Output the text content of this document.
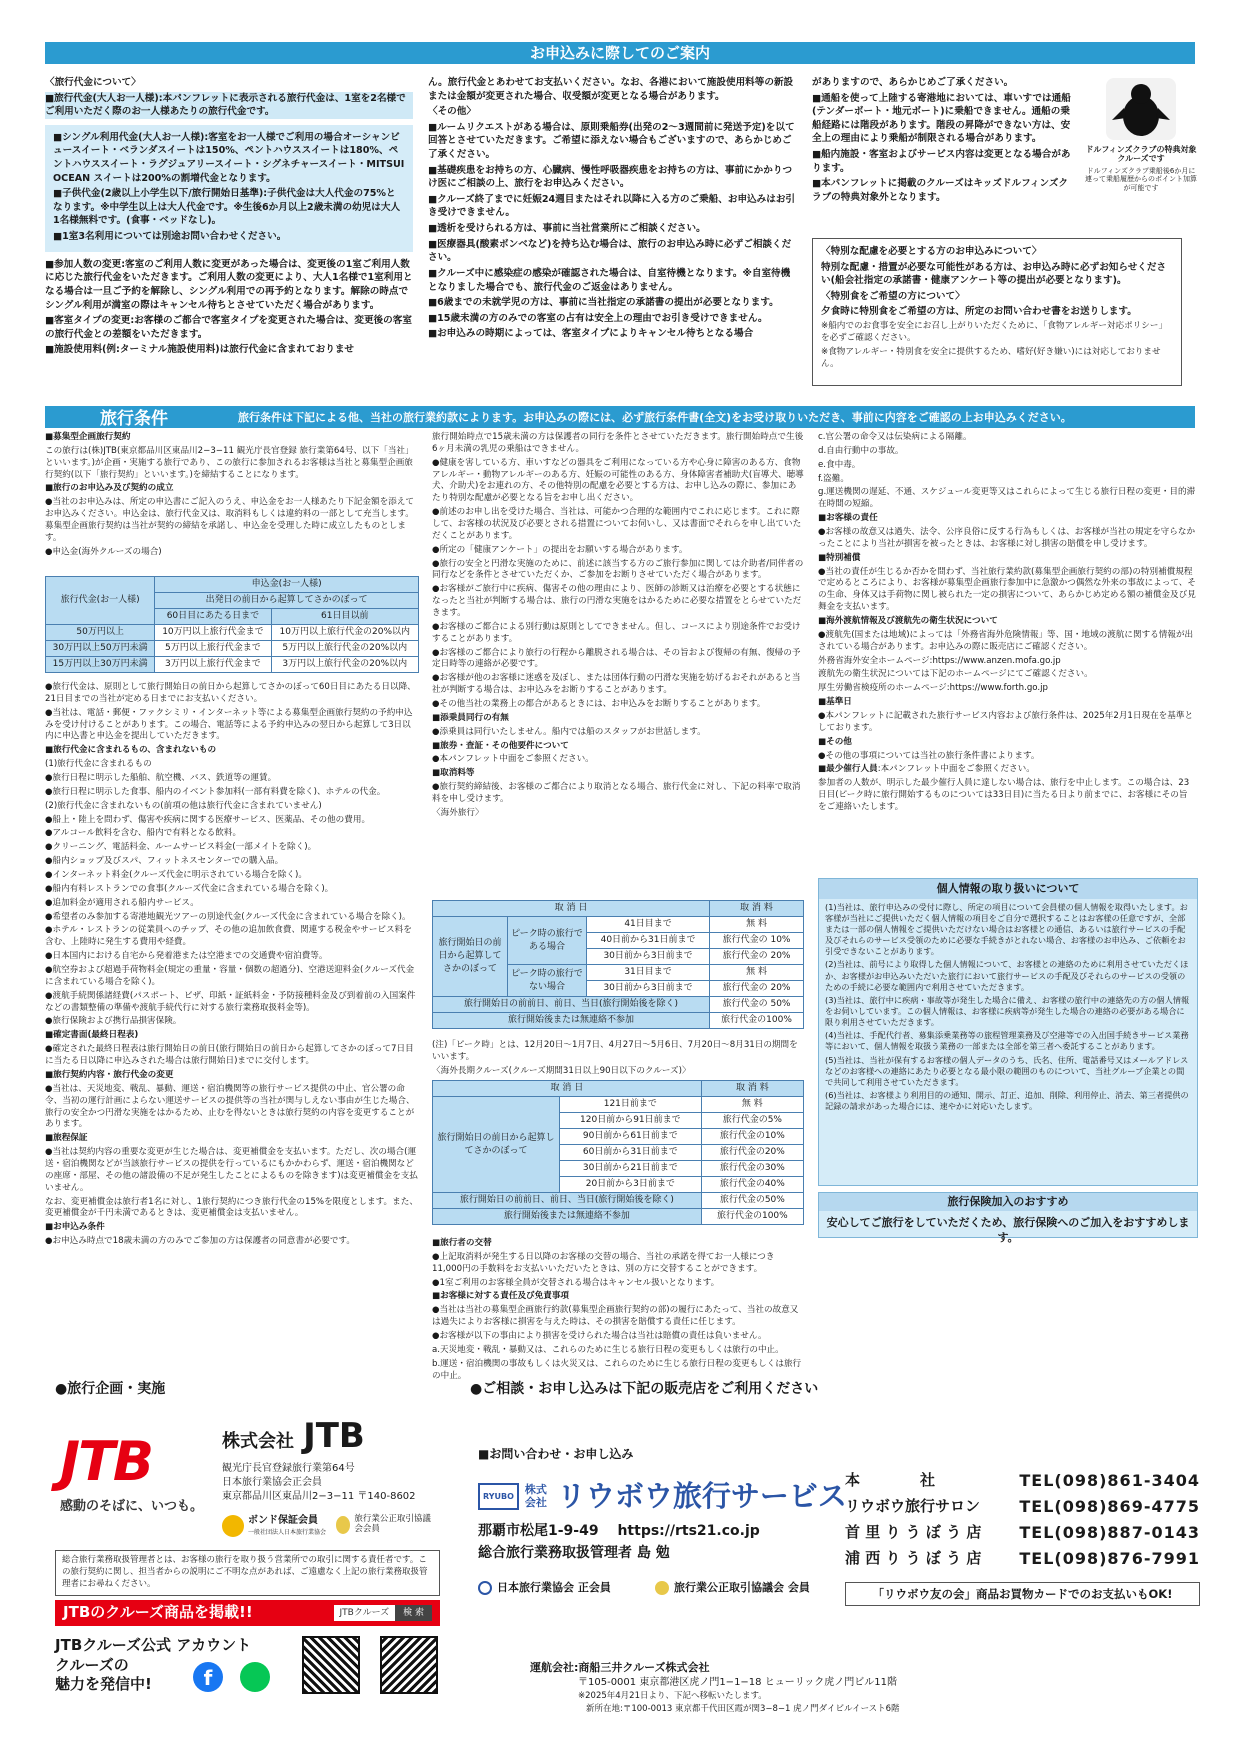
お申込みに際してのご案内

〈旅行代金について〉

■旅行代金(大人お一人様):本パンフレットに表示される旅行代金は、1室を2名様でご利用いただく際のお一人様あたりの旅行代金です。

■シングル利用代金(大人お一人様):客室をお一人様でご利用の場合オーシャンビュースイート・ベランダスイートは150%、ペントハウススイートは180%、ペントハウススイート・ラグジュアリースイート・シグネチャースイート・MITSUI OCEAN スイートは200%の割増代金となります。

■子供代金(2歳以上小学生以下/旅行開始日基準):子供代金は大人代金の75%となります。※中学生以上は大人代金です。※生後6か月以上2歳未満の幼児は大人1名様無料です。(食事・ベッドなし)。

■1室3名利用については別途お問い合わせください。

■参加人数の変更:客室のご利用人数に変更があった場合は、変更後の1室ご利用人数に応じた旅行代金をいただきます。ご利用人数の変更により、大人1名様で1室利用となる場合は一旦ご予約を解除し、シングル利用での再予約となります。解除の時点でシングル利用が満室の際はキャンセル待ちとさせていただく場合があります。

■客室タイプの変更:お客様のご都合で客室タイプを変更された場合は、変更後の客室の旅行代金との差額をいただきます。

■施設使用料(例:ターミナル施設使用料)は旅行代金に含まれておりませ

ん。旅行代金とあわせてお支払いください。なお、各港において施設使用料等の新設または金額が変更された場合、収受額が変更となる場合があります。

〈その他〉

■ルームリクエストがある場合は、原則乗船券(出発の2〜3週間前に発送予定)を以て回答とさせていただきます。ご希望に添えない場合もございますので、あらかじめご了承ください。

■基礎疾患をお持ちの方、心臓病、慢性呼吸器疾患をお持ちの方は、事前にかかりつけ医にご相談の上、旅行をお申込みください。

■クルーズ終了までに妊娠24週目またはそれ以降に入る方のご乗船、お申込みはお引き受けできません。

■透析を受けられる方は、事前に当社営業所にご相談ください。

■医療器具(酸素ボンベなど)を持ち込む場合は、旅行のお申込み時に必ずご相談ください。

■クルーズ中に感染症の感染が確認された場合は、自室待機となります。※自室待機となりました場合でも、旅行代金のご返金はありません。

■6歳までの未就学児の方は、事前に当社指定の承諾書の提出が必要となります。

■15歳未満の方のみでの客室の占有は安全上の理由でお引き受けできません。

■お申込みの時期によっては、客室タイプによりキャンセル待ちとなる場合

がありますので、あらかじめご了承ください。

■通船を使って上陸する寄港地においては、車いすでは通船(テンダーボート・地元ボート)に乗船できません。通船の乗船経路には階段があります。階段の昇降ができない方は、安全上の理由により乗船が制限される場合があります。

■船内施設・客室およびサービス内容は変更となる場合があります。

■本パンフレットに掲載のクルーズはキッズドルフィンズクラブの特典対象外となります。

ドルフィンズクラブの特典対象クルーズです
ドルフィンズクラブ乗船後6か月に連って乗船履歴からのポイント加算が可能です

〈特別な配慮を必要とする方のお申込みについて〉

特別な配慮・措置が必要な可能性がある方は、お申込み時に必ずお知らせください(船会社指定の承諾書・健康アンケート等の提出が必要となります)。

〈特別食をご希望の方について〉

夕食時に特別食をご希望の方は、所定のお問い合わせ書をお送りします。

※船内でのお食事を安全にお召し上がりいただくために、「食物アレルギー対応ポリシー」を必ずご確認ください。

※食物アレルギー・特別食を安全に提供するため、嗜好(好き嫌い)には対応しておりません。

旅行条件	旅行条件は下記による他、当社の旅行業約款によります。お申込みの際には、必ず旅行条件書(全文)をお受け取りいただき、事前に内容をご確認の上お申込みください。

■募集型企画旅行契約

この旅行は(株)JTB(東京都品川区東品川2−3−11 観光庁長官登録 旅行業第64号、以下「当社」といいます。)が企画・実施する旅行であり、この旅行に参加されるお客様は当社と募集型企画旅行契約(以下「旅行契約」といいます。)を締結することになります。

■旅行のお申込み及び契約の成立

●当社のお申込みは、所定の申込書にご記入のうえ、申込金をお一人様あたり下記金額を添えてお申込みください。申込金は、旅行代金又は、取消料もしくは違約料の一部として充当します。募集型企画旅行契約は当社が契約の締結を承諾し、申込金を受理した時に成立したものとします。

●申込金(海外クルーズの場合)

旅行代金(お一人様)	申込金(お一人様)	
	出発日の前日から起算してさかのぼって	
	60日目にあたる日まで	61日目以前
50万円以上	10万円以上旅行代金まで	10万円以上旅行代金の20%以内
30万円以上50万円未満	5万円以上旅行代金まで	5万円以上旅行代金の20%以内
15万円以上30万円未満	3万円以上旅行代金まで	3万円以上旅行代金の20%以内

●旅行代金は、原則として旅行開始日の前日から起算してさかのぼって60日目にあたる日以降、21日目までの当社が定める日までにお支払いください。

●当社は、電話・郵便・ファクシミリ・インターネット等による募集型企画旅行契約の予約申込みを受け付けることがあります。この場合、電話等による予約申込みの翌日から起算して3日以内に申込書と申込金を提出していただきます。

■旅行代金に含まれるもの、含まれないもの

(1)旅行代金に含まれるもの

●旅行日程に明示した船舶、航空機、バス、鉄道等の運賃。

●旅行日程に明示した食事、船内のイベント参加料(一部有料費を除く)、ホテルの代金。

(2)旅行代金に含まれないもの(前項の他は旅行代金に含まれていません)

●船上・陸上を問わず、傷害や疾病に関する医療サービス、医薬品、その他の費用。

●アルコール飲料を含む、船内で有料となる飲料。

●クリーニング、電話料金、ルームサービス料金(一部メイトを除く)。

●船内ショップ及びスパ、フィットネスセンターでの購入品。

●インターネット料金(クルーズ代金に明示されている場合を除く)。

●船内有料レストランでの食事(クルーズ代金に含まれている場合を除く)。

●追加料金が適用される船内サービス。

●希望者のみ参加する寄港地観光ツアーの別途代金(クルーズ代金に含まれている場合を除く)。

●ホテル・レストランの従業員へのチップ、その他の追加飲食費、関連する税金やサービス料を含む、上陸時に発生する費用や経費。

●日本国内における自宅から発着港または空港までの交通費や宿泊費等。

●航空券および超過手荷物料金(規定の重量・容量・個数の超過分)、空港送迎料金(クルーズ代金に含まれている場合を除く)。

●渡航手続関係諸経費(パスポート、ビザ、印紙・証紙料金・予防接種料金及び到着前の入国案件などの書類整備の準備や渡航手続代行に対する旅行業務取扱料金等)。

●旅行保険および携行品損害保険。

■確定書面(最終日程表)

●確定された最終日程表は旅行開始日の前日(旅行開始日の前日から起算してさかのぼって7日目に当たる日以降に申込みされた場合は旅行開始日)までに交付します。

■旅行契約内容・旅行代金の変更

●当社は、天災地変、戦乱、暴動、運送・宿泊機関等の旅行サービス提供の中止、官公署の命令、当初の運行計画によらない運送サービスの提供等の当社が関与しえない事由が生じた場合、旅行の安全かつ円滑な実施をはかるため、止むを得ないときは旅行契約の内容を変更することがあります。

■旅程保証

●当社は契約内容の重要な変更が生じた場合は、変更補償金を支払います。ただし、次の場合(運送・宿泊機関などが当該旅行サービスの提供を行っているにもかかわらず、運送・宿泊機関などの座席・部屋、その他の諸設備の不足が発生したことによるものを除きます)は変更補償金を支払いません。

なお、変更補償金は旅行者1名に対し、1旅行契約につき旅行代金の15%を限度とします。また、変更補償金が千円未満であるときは、変更補償金は支払いません。

■お申込み条件

●お申込み時点で18歳未満の方のみでご参加の方は保護者の同意書が必要です。

旅行開始時点で15歳未満の方は保護者の同行を条件とさせていただきます。旅行開始時点で生後6ヶ月未満の乳児の乗船はできません。

●健康を害している方、車いすなどの器具をご利用になっている方や心身に障害のある方、食物アレルギー・動物アレルギーのある方、妊娠の可能性のある方、身体障害者補助犬(盲導犬、聴導犬、介助犬)をお連れの方、その他特別の配慮を必要とする方は、お申し込みの際に、参加にあたり特別な配慮が必要となる旨をお申し出ください。

●前述のお申し出を受けた場合、当社は、可能かつ合理的な範囲内でこれに応じます。これに際して、お客様の状況及び必要とされる措置についてお伺いし、又は書面でそれらを申し出ていただくことがあります。

●所定の「健康アンケート」の提出をお願いする場合があります。

●旅行の安全と円滑な実施のために、前述に該当する方のご旅行参加に関しては介助者/同伴者の同行などを条件とさせていただくか、ご参加をお断りさせていただく場合があります。

●お客様がご旅行中に疾病、傷害その他の理由により、医師の診断又は治療を必要とする状態になったと当社が判断する場合は、旅行の円滑な実施をはかるために必要な措置をとらせていただきます。

●お客様のご都合による別行動は原則としてできません。但し、コースにより別途条件でお受けすることがあります。

●お客様のご都合により旅行の行程から離脱される場合は、その旨および復帰の有無、復帰の予定日時等の連絡が必要です。

●お客様が他のお客様に迷惑を及ぼし、または団体行動の円滑な実施を妨げるおそれがあると当社が判断する場合は、お申込みをお断りすることがあります。

●その他当社の業務上の都合があるときには、お申込みをお断りすることがあります。

■添乗員同行の有無

●添乗員は同行いたしません。船内では船のスタッフがお世話します。

■旅券・査証・その他要件について

●本パンフレット中面をご参照ください。

■取消料等

●旅行契約締結後、お客様のご都合により取消となる場合、旅行代金に対し、下記の料率で取消料を申し受けます。

〈海外旅行〉

取 消 日			取 消 料
旅行開始日の前日から起算してさかのぼって	ピーク時の旅行である場合	41日目まで	無 料
		40日前から31日前まで	旅行代金の 10%
		30日前から3日前まで	旅行代金の 20%
	ピーク時の旅行でない場合	31日目まで	無 料
		30日前から3日前まで	旅行代金の 20%
旅行開始日の前前日、前日、当日(旅行開始後を除く)			旅行代金の 50%
旅行開始後または無連絡不参加			旅行代金の100%

(注)「ピーク時」とは、12月20日〜1月7日、4月27日〜5月6日、7月20日〜8月31日の期間をいいます。

〈海外長期クルーズ(クルーズ期間31日以上90日以下のクルーズ)〉

取 消 日		取 消 料
旅行開始日の前日から起算してさかのぼって	121日前まで	無 料
	120日前から91日前まで	旅行代金の5%
	90日前から61日前まで	旅行代金の10%
	60日前から31日前まで	旅行代金の20%
	30日前から21日前まで	旅行代金の30%
	20日前から3日前まで	旅行代金の40%
旅行開始日の前前日、前日、当日(旅行開始後を除く)		旅行代金の50%
旅行開始後または無連絡不参加		旅行代金の100%

■旅行者の交替

●上記取消料が発生する日以降のお客様の交替の場合、当社の承諾を得てお一人様につき11,000円の手数料をお支払いいただいたときは、別の方に交替することができます。

●1室ご利用のお客様全員が交替される場合はキャンセル扱いとなります。

■お客様に対する責任及び免責事項

●当社は当社の募集型企画旅行約款(募集型企画旅行契約の部)の履行にあたって、当社の故意又は過失によりお客様に損害を与えた時は、その損害を賠償する責任に任じます。

●お客様が以下の事由により損害を受けられた場合は当社は賠償の責任は負いません。

a.天災地変・戦乱・暴動又は、これらのために生じる旅行日程の変更もしくは旅行の中止。

b.運送・宿泊機関の事故もしくは火災又は、これらのために生じる旅行日程の変更もしくは旅行の中止。

c.官公署の命令又は伝染病による隔離。

d.自由行動中の事故。

e.食中毒。

f.盗難。

g.運送機関の遅延、不通、スケジュール変更等又はこれらによって生じる旅行日程の変更・目的滞在時間の短縮。

■お客様の責任

●お客様の故意又は過失、法令、公序良俗に反する行為もしくは、お客様が当社の規定を守らなかったことにより当社が損害を被ったときは、お客様に対し損害の賠償を申し受けます。

■特別補償

●当社の責任が生じるか否かを問わず、当社旅行業約款(募集型企画旅行契約の部)の特別補償規程で定めるところにより、お客様が募集型企画旅行参加中に急激かつ偶然な外来の事故によって、その生命、身体又は手荷物に関し被られた一定の損害について、あらかじめ定める額の補償金及び見舞金を支払います。

■海外渡航情報及び渡航先の衛生状況について

●渡航先(国または地域)によっては「外務省海外危険情報」等、国・地域の渡航に関する情報が出されている場合があります。お申込みの際に販売店にご確認ください。

外務省海外安全ホームページ:https://www.anzen.mofa.go.jp

渡航先の衛生状況については下記のホームページにてご確認ください。

厚生労働省検疫所のホームページ:https://www.forth.go.jp

■基準日

●本パンフレットに記載された旅行サービス内容および旅行条件は、2025年2月1日現在を基準としております。

■その他

●その他の事項については当社の旅行条件書によります。

■最少催行人員:本パンフレット中面をご参照ください。

参加者の人数が、明示した最少催行人員に達しない場合は、旅行を中止します。この場合は、23日目(ピーク時に旅行開始するものについては33日目)に当たる日より前までに、お客様にその旨をご連絡いたします。

個人情報の取り扱いについて

(1)当社は、旅行申込みの受付に際し、所定の項目について会員様の個人情報を取得いたします。お客様が当社にご提供いただく個人情報の項目をご自分で選択することはお客様の任意ですが、全部または一部の個人情報をご提供いただけない場合はお客様との通信、あるいは旅行サービスの手配及びそれらのサービス受領のために必要な手続きがとれない場合、お客様のお申込み、ご依頼をお引受できないことがあります。

(2)当社は、前号により取得した個人情報について、お客様との連絡のために利用させていただくほか、お客様がお申込みいただいた旅行において旅行サービスの手配及びそれらのサービスの受領のための手続に必要な範囲内で利用させていただきます。

(3)当社は、旅行中に疾病・事故等が発生した場合に備え、お客様の旅行中の連絡先の方の個人情報をお伺いしています。この個人情報は、お客様に疾病等が発生した場合の連絡の必要がある場合に限り利用させていただきます。

(4)当社は、手配代行者、募集添乗業務等の旅程管理業務及び空港等での入出国手続きサービス業務等において、個人情報を取扱う業務の一部または全部を第三者へ委託することがあります。

(5)当社は、当社が保有するお客様の個人データのうち、氏名、住所、電話番号又はメールアドレスなどのお客様への連絡にあたり必要となる最小限の範囲のものについて、当社グループ企業との間で共同して利用させていただきます。

(6)当社は、お客様より利用目的の通知、開示、訂正、追加、削除、利用停止、消去、第三者提供の記録の請求があった場合には、速やかに対応いたします。

旅行保険加入のおすすめ
安心してご旅行をしていただくため、旅行保険へのご加入をおすすめします。
●旅行企画・実施
JTB
感動のそばに、いつも。
株式会社 JTB
観光庁長官登録旅行業第64号
日本旅行業協会正会員
東京都品川区東品川2−3−11 〒140-8602
ボンド保証会員
一般社団法人日本旅行業協会
旅行業公正取引協議会会員
総合旅行業務取扱管理者とは、お客様の旅行を取り扱う営業所での取引に関する責任者です。この旅行契約に関し、担当者からの説明にご不明な点があれば、ご遠慮なく上記の旅行業務取扱管理者にお尋ねください。
JTBのクルーズ商品を掲載!!	JTBクルーズ	検 索
JTBクルーズ公式 アカウント
クルーズの
魅力を発信中!	f
●ご相談・お申し込みは下記の販売店をご利用ください
■お問い合わせ・お申し込み
RYUBO	株式会社 リウボウ旅行サービス
那覇市松尾1-9-49 https://rts21.co.jp
総合旅行業務取扱管理者 島 勉
日本旅行業協会 正会員	旅行業公正取引協議会 会員
本　　　　社	TEL(098)861-3404
リウボウ旅行サロン TEL(098)869-4775
首 里 り う ぼ う 店 TEL(098)887-0143
浦 西 り う ぼ う 店 TEL(098)876-7991
「リウボウ友の会」商品お買物カードでのお支払いもOK!
運航会社:商船三井クルーズ株式会社
〒105-0001 東京都港区虎ノ門1−1−18 ヒューリック虎ノ門ビル11階
※2025年4月21日より、下記へ移転いたします。
新所在地:〒100-0013 東京都千代田区霞が関3−8−1 虎ノ門ダイビルイースト6階
